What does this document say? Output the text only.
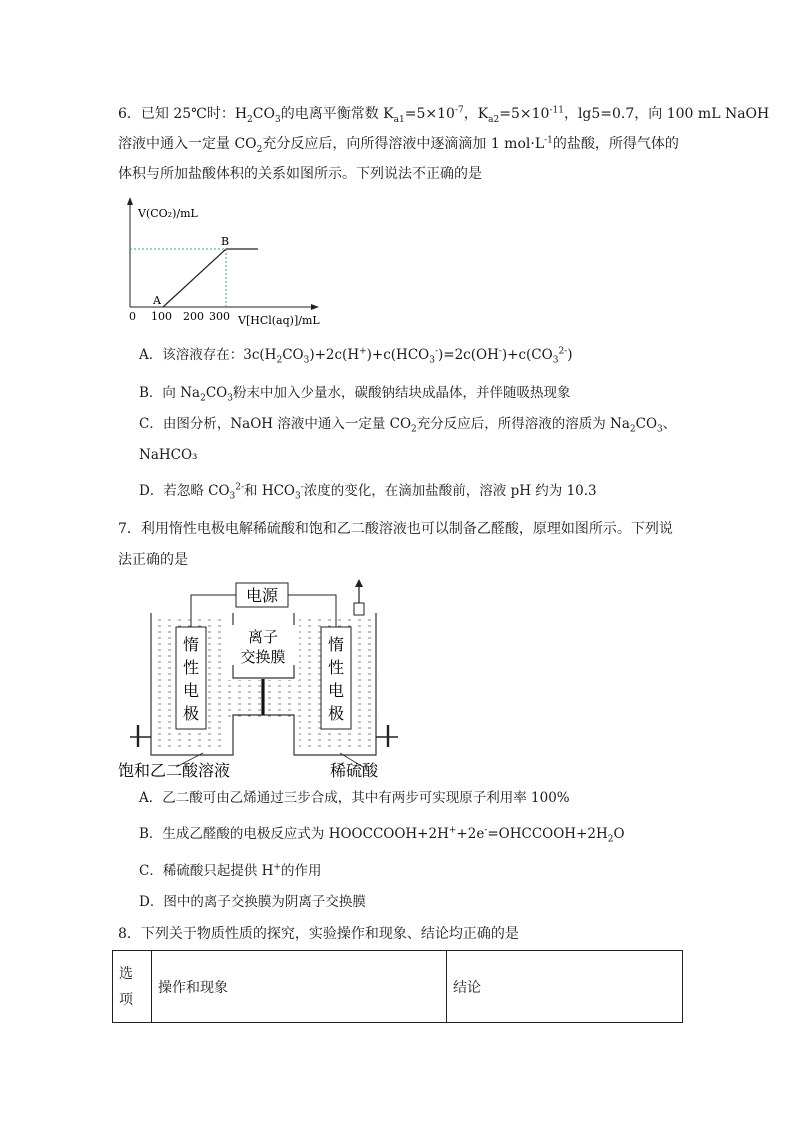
6．已知 25℃时：$H_2CO_3$的电离平衡常数 $K_{a1}=5\times 10^{-7}$，$K_{a2}=5\times 10^{-11}$，lg5=0.7，向 100 mL NaOH
溶液中通入一定量 $CO_2$充分反应后，向所得溶液中逐滴滴加 1 $mol\cdot L^{-1}$的盐酸，所得气体的
体积与所加盐酸体积的关系如图所示。下列说法不正确的是
V(CO₂)/mL
A
B
0 100 200 300 V[HCl(aq)]/mL
A．该溶液存在：$3c(H_2CO_3)+2c(H^+)+c(HCO_3^-)=2c(OH^-)+c(CO_3^{2-})$
B．向 $Na_2CO_3$粉末中加入少量水，碳酸钠结块成晶体，并伴随吸热现象
C．由图分析，NaOH 溶液中通入一定量 $CO_2$充分反应后，所得溶液的溶质为 $Na_2CO_3$、
NaHCO₃
D．若忽略 $CO_3^{2-}$和 $HCO_3^-$浓度的变化，在滴加盐酸前，溶液 pH 约为 10.3
7．利用惰性电极电解稀硫酸和饱和乙二酸溶液也可以制备乙醛酸，原理如图所示。下列说
法正确的是
电源
惰
性
电
极
惰
性
电
极
离子
交换膜
饱和乙二酸溶液	稀硫酸
A．乙二酸可由乙烯通过三步合成，其中有两步可实现原子利用率 100%
B．生成乙醛酸的电极反应式为 $HOOCCOOH+2H^++2e^-=OHCCOOH+2H_2O$
C．稀硫酸只起提供 H+的作用
D．图中的离子交换膜为阴离子交换膜
8．下列关于物质性质的探究，实验操作和现象、结论均正确的是
选
项
	操作和现象	结论
